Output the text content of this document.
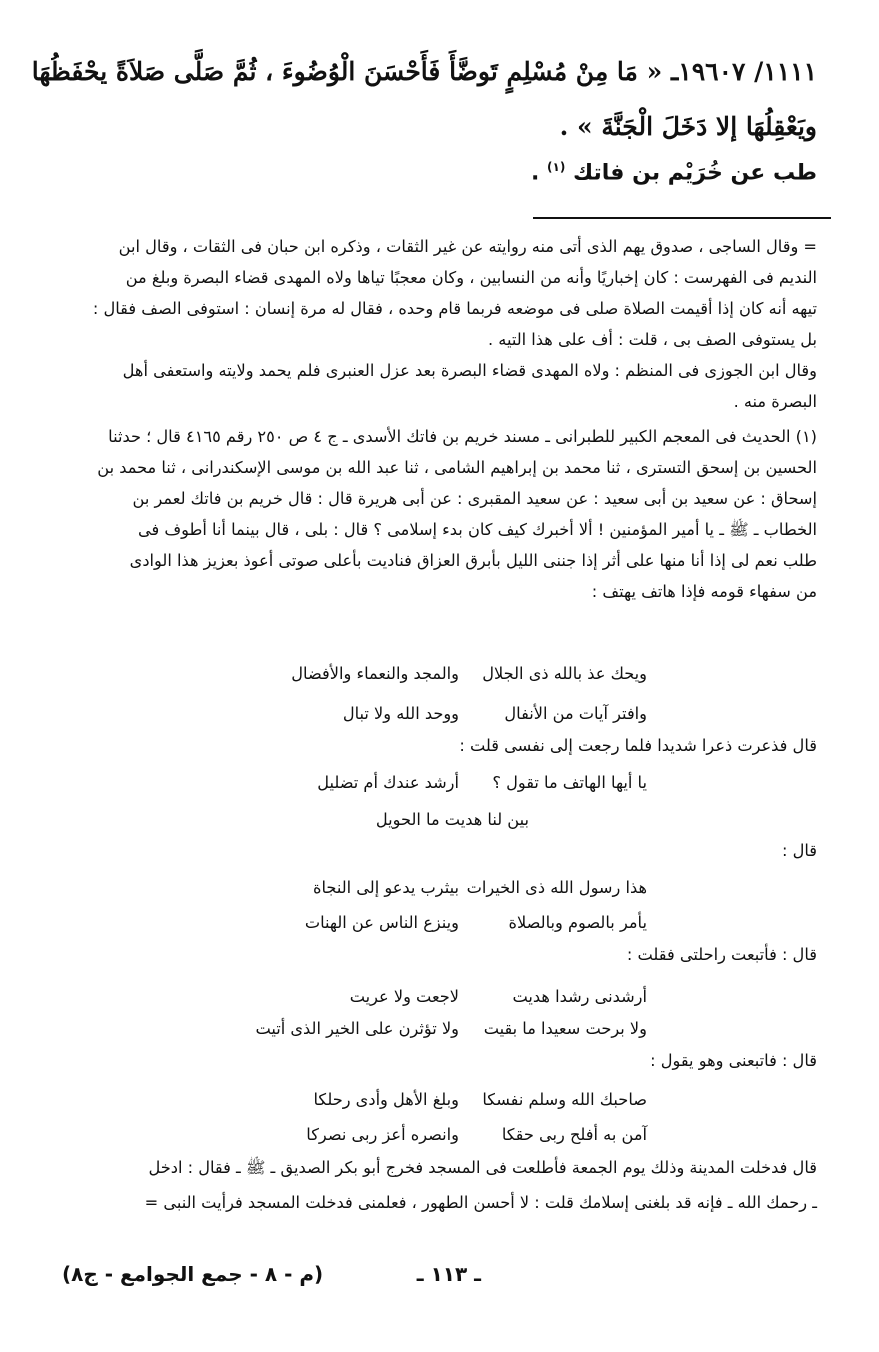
١١١١/ ١٩٦٠٧ـ « مَا مِنْ مُسْلِمٍ تَوضَّأَ فَأَحْسَنَ الْوُضُوءَ ، ثُمَّ صَلَّى صَلاَةً يحْفَظُهَا
ويَعْقِلُهَا إلا دَخَلَ الْجَنَّةَ » .
طب عن خُرَيْم بن فاتك $^{(١)}$ .
= وقال الساجى ، صدوق يهم الذى أتى منه روايته عن غير الثقات ، وذكره ابن حبان فى الثقات ، وقال ابن
النديم فى الفهرست : كان إخباريًا وأنه من النسابين ، وكان معجبًا تياها ولاه المهدى قضاء البصرة وبلغ من
تيهه أنه كان إذا أقيمت الصلاة صلى فى موضعه فربما قام وحده ، فقال له مرة إنسان : استوفى الصف فقال :
بل يستوفى الصف بى ، قلت : أف على هذا التيه .
وقال ابن الجوزى فى المنظم : ولاه المهدى قضاء البصرة بعد عزل العنبرى فلم يحمد ولايته واستعفى أهل
البصرة منه .
(١) الحديث فى المعجم الكبير للطبرانى ـ مسند خريم بن فاتك الأسدى ـ ج ٤ ص ٢٥٠ رقم ٤١٦٥ قال ؛ حدثنا
الحسين بن إسحق التسترى ، ثنا محمد بن إبراهيم الشامى ، ثنا عبد الله بن موسى الإسكندرانى ، ثنا محمد بن
إسحاق : عن سعيد بن أبى سعيد : عن سعيد المقبرى : عن أبى هريرة قال : قال خريم بن فاتك لعمر بن
الخطاب ـ ﷺ ـ يا أمير المؤمنين ! ألا أخبرك كيف كان بدء إسلامى ؟ قال : بلى ، قال بينما أنا أطوف فى
طلب نعم لى إذا أنا منها على أثر إذا جننى الليل بأبرق العزاق فناديت بأعلى صوتى أعوذ بعزيز هذا الوادى
من سفهاء قومه فإذا هاتف يهتف :
ويحك عذ بالله ذى الجلال
والمجد والنعماء والأفضال
وافتر آيات من الأنفال
ووحد الله ولا تبال
قال فذعرت ذعرا شديدا فلما رجعت إلى نفسى قلت :
يا أيها الهاتف ما تقول ؟
أرشد عندك أم تضليل
بين لنا هديت ما الحويل
قال :
هذا رسول الله ذى الخيرات
بيثرب يدعو إلى النجاة
يأمر بالصوم وبالصلاة
وينزع الناس عن الهنات
قال : فأتبعت راحلتى فقلت :
أرشدنى رشدا هديت
لاجعت ولا عريت
ولا برحت سعيدا ما بقيت
ولا تؤثرن على الخير الذى أتيت
قال : فاتبعنى وهو يقول :
صاحبك الله وسلم نفسكا
وبلغ الأهل وأدى رحلكا
آمن به أفلح ربى حقكا
وانصره أعز ربى نصركا
قال فدخلت المدينة وذلك يوم الجمعة فأطلعت فى المسجد فخرج أبو بكر الصديق ـ ﷺ ـ فقال : ادخل
ـ رحمك الله ـ فإنه قد بلغنى إسلامك قلت : لا أحسن الطهور ، فعلمنى فدخلت المسجد فرأيت النبى =
ـ ١١٣ ـ
(م - ٨ - جمع الجوامع - ج٨)
